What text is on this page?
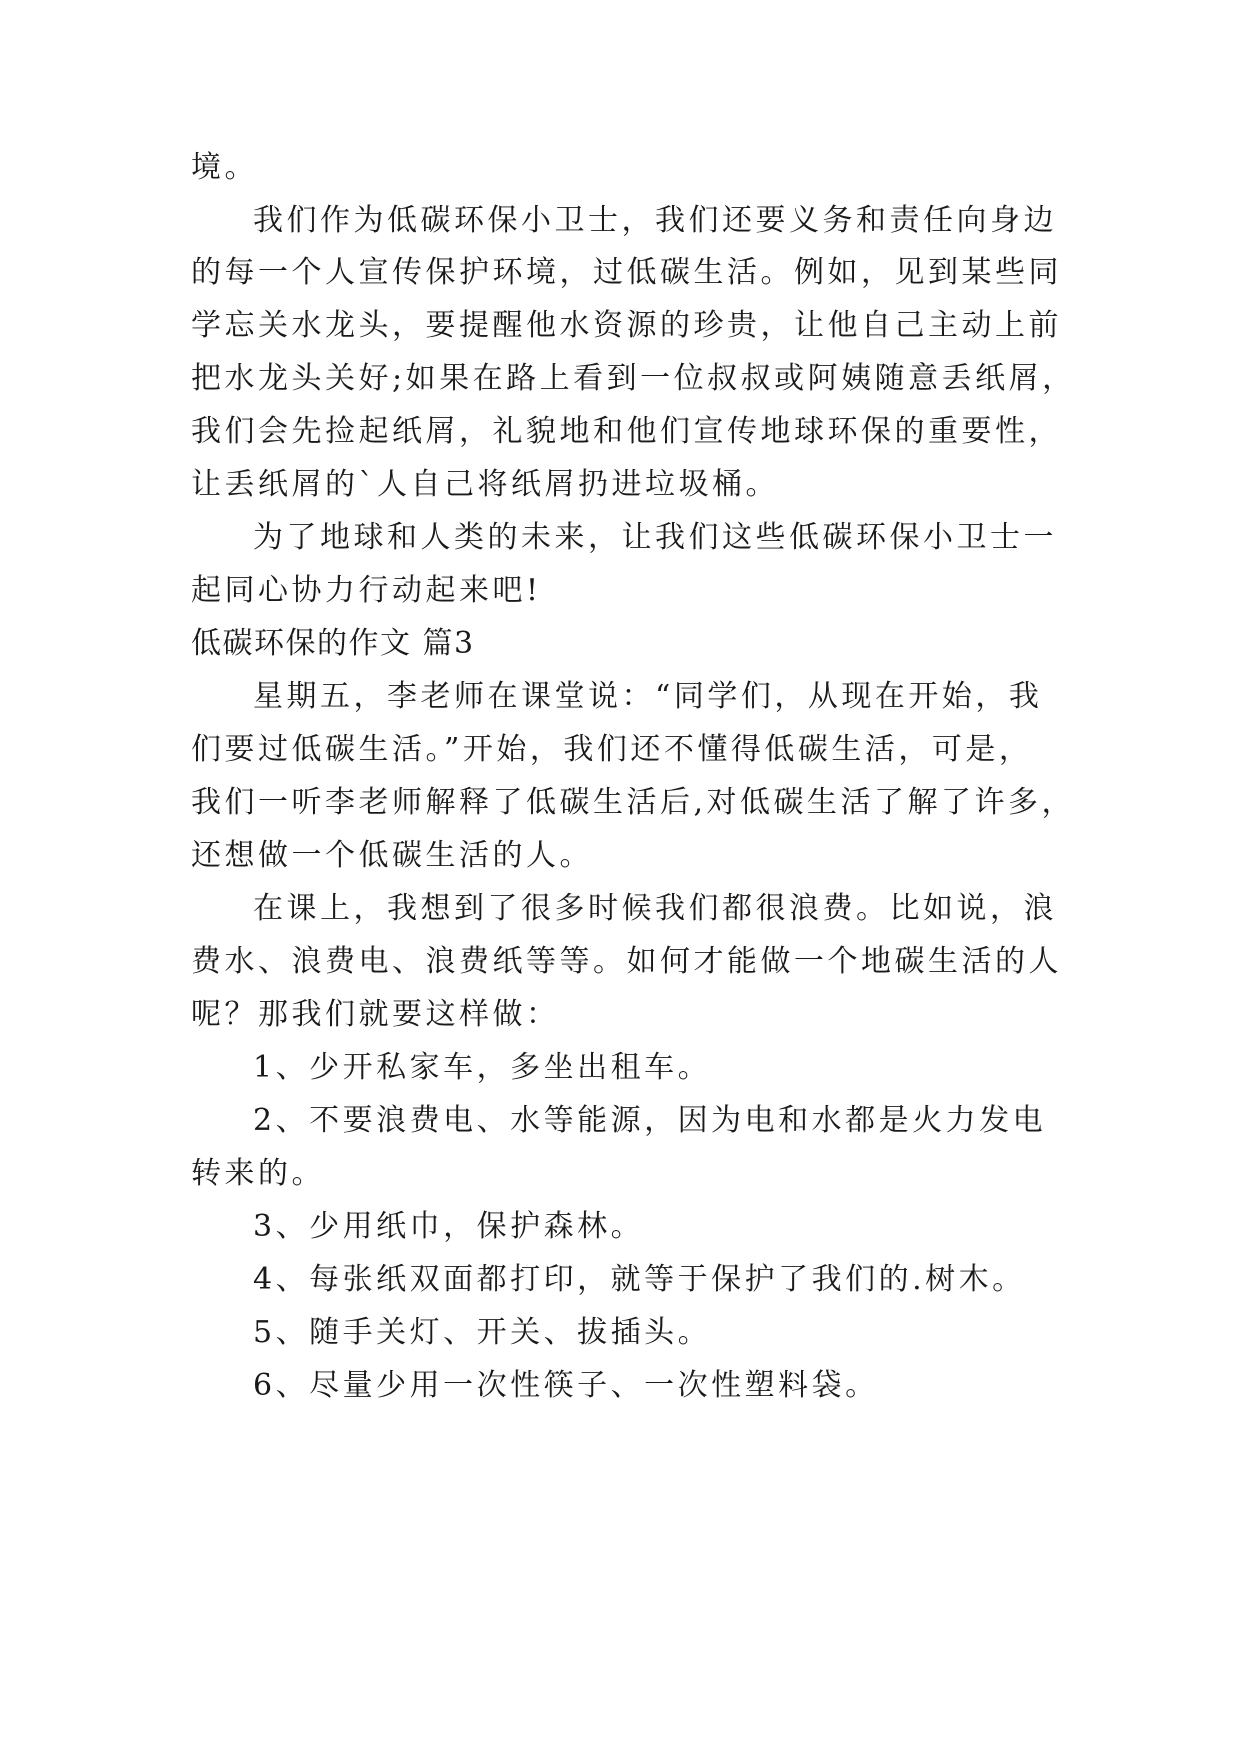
境。
我们作为低碳环保小卫士，我们还要义务和责任向身边
的每一个人宣传保护环境，过低碳生活。例如，见到某些同
学忘关水龙头，要提醒他水资源的珍贵，让他自己主动上前
把水龙头关好;如果在路上看到一位叔叔或阿姨随意丢纸屑，
我们会先捡起纸屑，礼貌地和他们宣传地球环保的重要性，
让丢纸屑的`人自己将纸屑扔进垃圾桶。
为了地球和人类的未来，让我们这些低碳环保小卫士一
起同心协力行动起来吧!
低碳环保的作文 篇3
星期五，李老师在课堂说：“同学们，从现在开始，我
们要过低碳生活。”开始，我们还不懂得低碳生活，可是，
我们一听李老师解释了低碳生活后,对低碳生活了解了许多，
还想做一个低碳生活的人。
在课上，我想到了很多时候我们都很浪费。比如说，浪
费水、浪费电、浪费纸等等。如何才能做一个地碳生活的人
呢？那我们就要这样做：
1、少开私家车，多坐出租车。
2、不要浪费电、水等能源，因为电和水都是火力发电
转来的。
3、少用纸巾，保护森林。
4、每张纸双面都打印，就等于保护了我们的.树木。
5、随手关灯、开关、拔插头。
6、尽量少用一次性筷子、一次性塑料袋。
